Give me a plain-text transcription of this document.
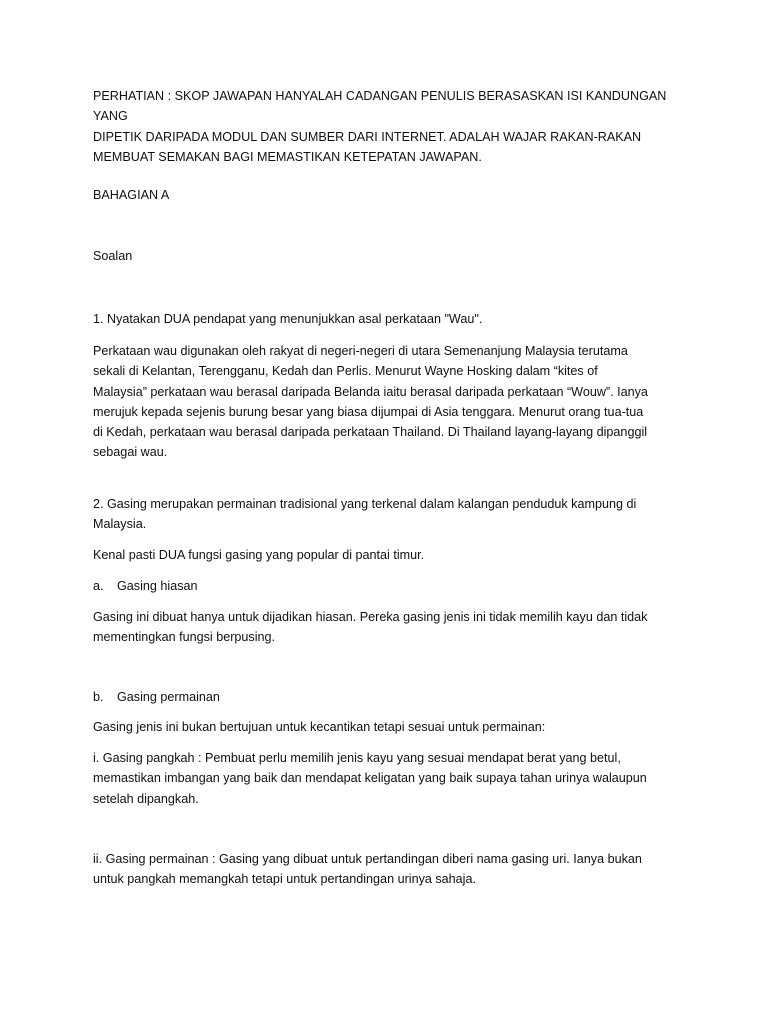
PERHATIAN : SKOP JAWAPAN HANYALAH CADANGAN PENULIS BERASASKAN ISI KANDUNGAN YANG
DIPETIK DARIPADA MODUL DAN SUMBER DARI INTERNET. ADALAH WAJAR RAKAN-RAKAN
MEMBUAT SEMAKAN BAGI MEMASTIKAN KETEPATAN JAWAPAN.
BAHAGIAN A
Soalan
1. Nyatakan DUA pendapat yang menunjukkan asal perkataan "Wau".
Perkataan wau digunakan oleh rakyat di negeri-negeri di utara Semenanjung Malaysia terutama
sekali di Kelantan, Terengganu, Kedah dan Perlis. Menurut Wayne Hosking dalam “kites of
Malaysia” perkataan wau berasal daripada Belanda iaitu berasal daripada perkataan “Wouw”. Ianya
merujuk kepada sejenis burung besar yang biasa dijumpai di Asia tenggara. Menurut orang tua-tua
di Kedah, perkataan wau berasal daripada perkataan Thailand. Di Thailand layang-layang dipanggil
sebagai wau.
2. Gasing merupakan permainan tradisional yang terkenal dalam kalangan penduduk kampung di
Malaysia.
Kenal pasti DUA fungsi gasing yang popular di pantai timur.
a. Gasing hiasan
Gasing ini dibuat hanya untuk dijadikan hiasan. Pereka gasing jenis ini tidak memilih kayu dan tidak
mementingkan fungsi berpusing.
b. Gasing permainan
Gasing jenis ini bukan bertujuan untuk kecantikan tetapi sesuai untuk permainan:
i. Gasing pangkah : Pembuat perlu memilih jenis kayu yang sesuai mendapat berat yang betul,
memastikan imbangan yang baik dan mendapat keligatan yang baik supaya tahan urinya walaupun
setelah dipangkah.
ii. Gasing permainan : Gasing yang dibuat untuk pertandingan diberi nama gasing uri. Ianya bukan
untuk pangkah memangkah tetapi untuk pertandingan urinya sahaja.
